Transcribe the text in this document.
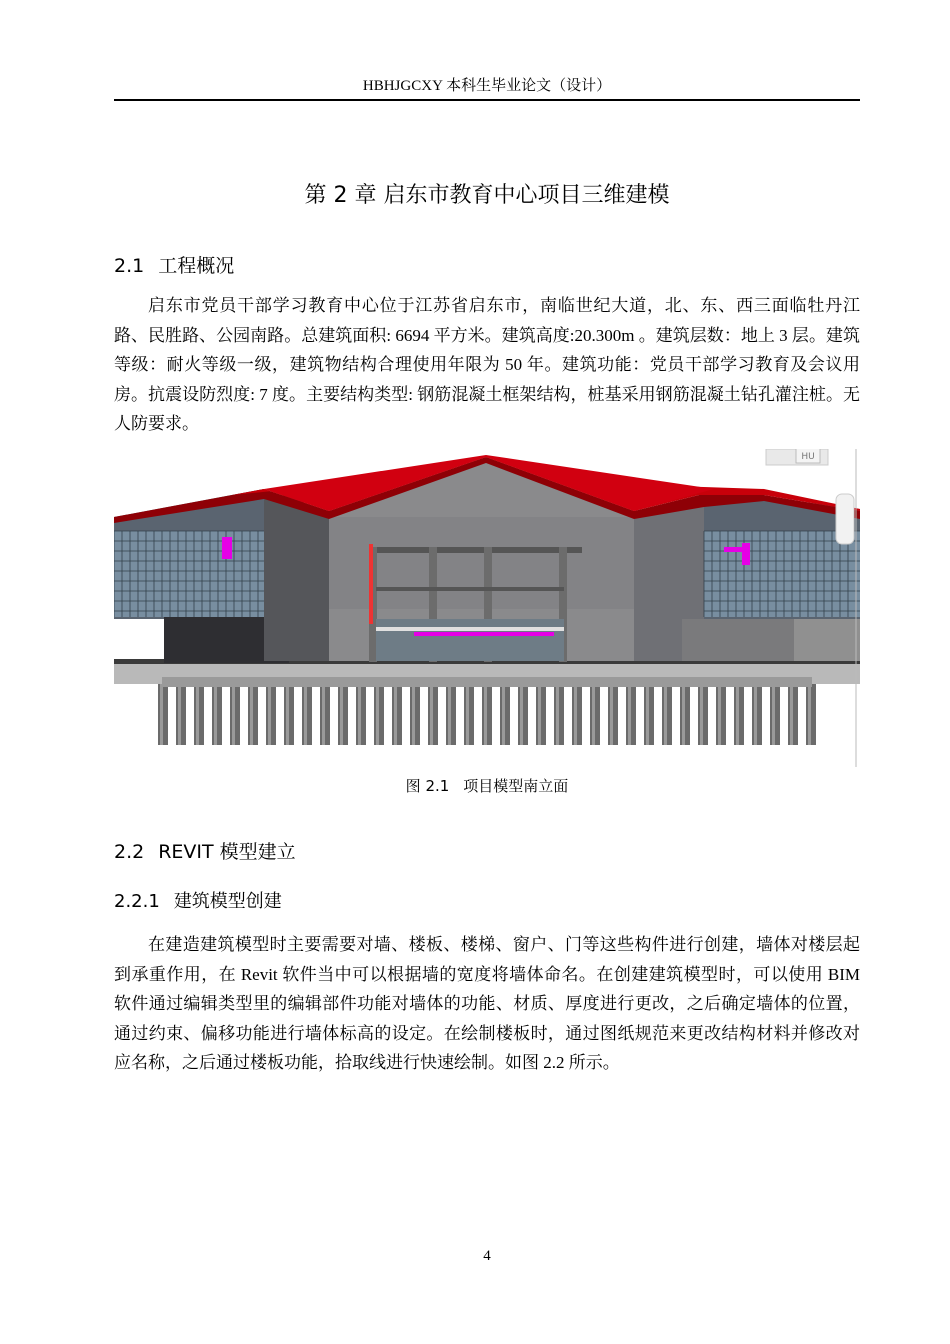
HBHJGCXY 本科生毕业论文（设计）
第 2 章 启东市教育中心项目三维建模
2.1 工程概况

启东市党员干部学习教育中心位于江苏省启东市，南临世纪大道，北、东、西三面临牡丹江路、民胜路、公园南路。总建筑面积: 6694 平方米。建筑高度:20.300m 。建筑层数：地上 3 层。建筑等级：耐火等级一级，建筑物结构合理使用年限为 50 年。建筑功能：党员干部学习教育及会议用房。抗震设防烈度: 7 度。主要结构类型: 钢筋混凝土框架结构，桩基采用钢筋混凝土钻孔灌注桩。无人防要求。

HU
图 2.1 项目模型南立面
2.2 REVIT 模型建立
2.2.1 建筑模型创建

在建造建筑模型时主要需要对墙、楼板、楼梯、窗户、门等这些构件进行创建，墙体对楼层起到承重作用，在 Revit 软件当中可以根据墙的宽度将墙体命名。在创建建筑模型时，可以使用 BIM 软件通过编辑类型里的编辑部件功能对墙体的功能、材质、厚度进行更改，之后确定墙体的位置，通过约束、偏移功能进行墙体标高的设定。在绘制楼板时，通过图纸规范来更改结构材料并修改对应名称，之后通过楼板功能，拾取线进行快速绘制。如图 2.2 所示。

4
